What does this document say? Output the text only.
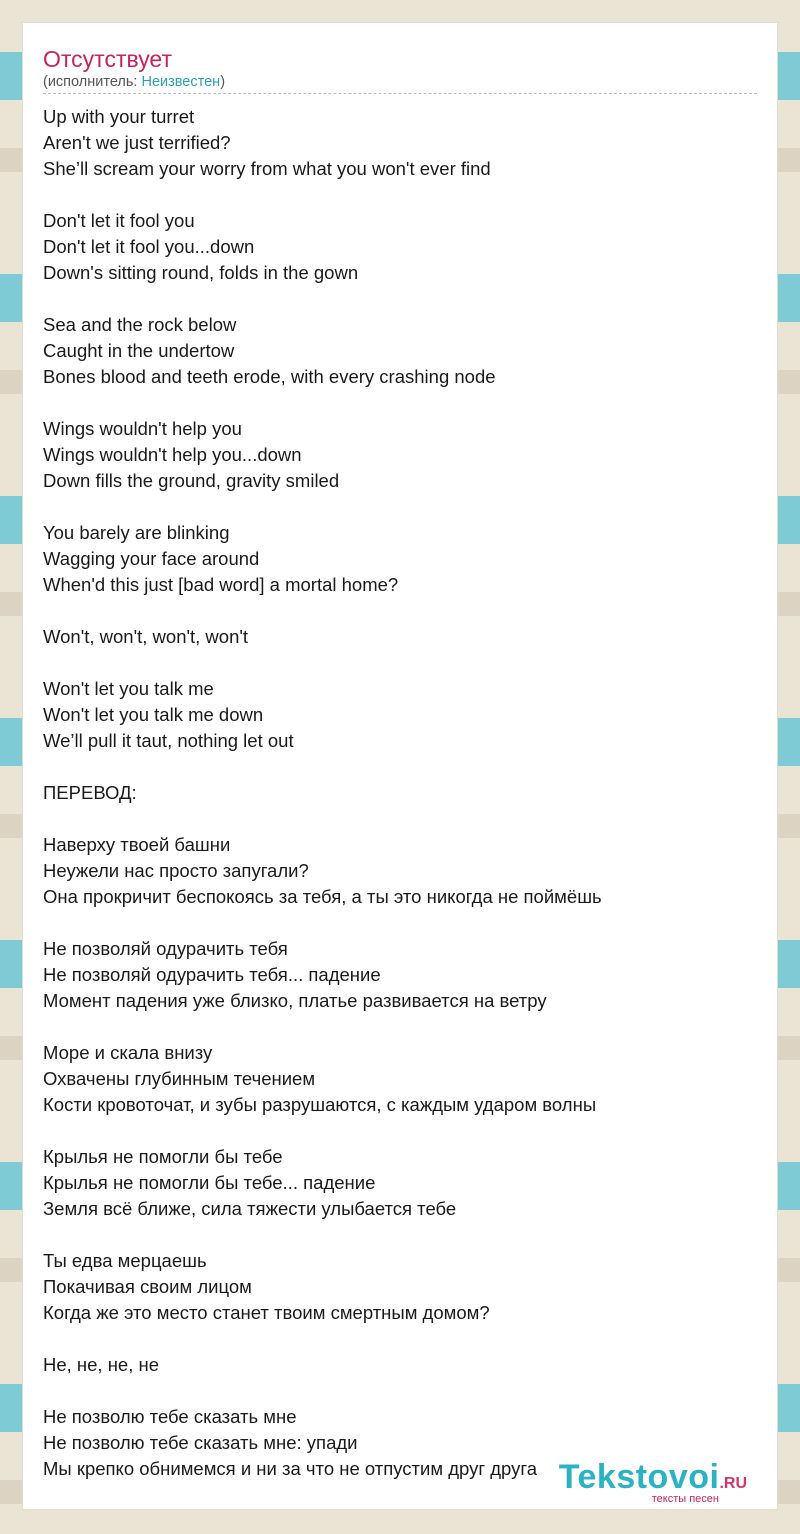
Отсутствует
(исполнитель: Неизвестен)
Up with your turret
Aren't we just terrified?
She’ll scream your worry from what you won't ever find
Don't let it fool you
Don't let it fool you...down
Down's sitting round, folds in the gown
Sea and the rock below
Caught in the undertow
Bones blood and teeth erode, with every crashing node
Wings wouldn't help you
Wings wouldn't help you...down
Down fills the ground, gravity smiled
You barely are blinking
Wagging your face around
When'd this just [bad word] a mortal home?
Won't, won't, won't, won't
Won't let you talk me
Won't let you talk me down
We’ll pull it taut, nothing let out
ПЕРЕВОД:
Наверху твоей башни
Неужели нас просто запугали?
Она прокричит беспокоясь за тебя, а ты это никогда не поймёшь
Не позволяй одурачить тебя
Не позволяй одурачить тебя... падение
Момент падения уже близко, платье развивается на ветру
Море и скала внизу
Охвачены глубинным течением
Кости кровоточат, и зубы разрушаются, с каждым ударом волны
Крылья не помогли бы тебе
Крылья не помогли бы тебе... падение
Земля всё ближе, сила тяжести улыбается тебе
Ты едва мерцаешь
Покачивая своим лицом
Когда же это место станет твоим смертным домом?
Не, не, не, не
Не позволю тебе сказать мне
Не позволю тебе сказать мне: упади
Мы крепко обнимемся и ни за что не отпустим друг друга Tekstovoi.RU
тексты песен
